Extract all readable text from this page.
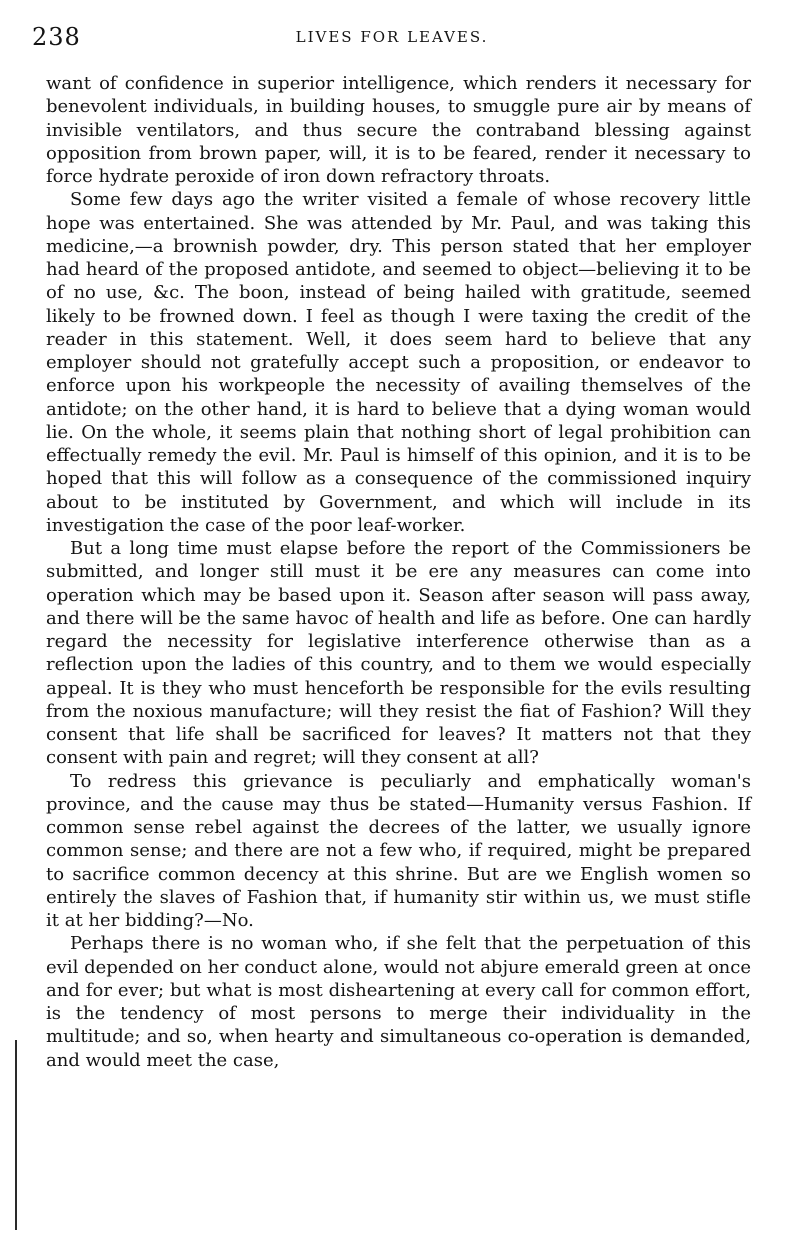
238	LIVES FOR LEAVES.

want of confidence in superior intelligence, which renders it necessary for benevolent individuals, in building houses, to smuggle pure air by means of invisible ventilators, and thus secure the contraband blessing against opposition from brown paper, will, it is to be feared, render it necessary to force hydrate peroxide of iron down refractory throats.

Some few days ago the writer visited a female of whose recovery little hope was entertained. She was attended by Mr. Paul, and was taking this medicine,—a brownish powder, dry. This person stated that her employer had heard of the proposed antidote, and seemed to object—believing it to be of no use, &c. The boon, instead of being hailed with gratitude, seemed likely to be frowned down. I feel as though I were taxing the credit of the reader in this statement. Well, it does seem hard to believe that any employer should not gratefully accept such a proposition, or endeavor to enforce upon his workpeople the necessity of availing themselves of the antidote; on the other hand, it is hard to believe that a dying woman would lie. On the whole, it seems plain that nothing short of legal prohibition can effectually remedy the evil. Mr. Paul is himself of this opinion, and it is to be hoped that this will follow as a consequence of the commissioned inquiry about to be instituted by Government, and which will include in its investigation the case of the poor leaf-worker.

But a long time must elapse before the report of the Commissioners be submitted, and longer still must it be ere any measures can come into operation which may be based upon it. Season after season will pass away, and there will be the same havoc of health and life as before. One can hardly regard the necessity for legislative interference otherwise than as a reflection upon the ladies of this country, and to them we would especially appeal. It is they who must henceforth be responsible for the evils resulting from the noxious manufacture; will they resist the fiat of Fashion? Will they consent that life shall be sacrificed for leaves? It matters not that they consent with pain and regret; will they consent at all?

To redress this grievance is peculiarly and emphatically woman's province, and the cause may thus be stated—Humanity versus Fashion. If common sense rebel against the decrees of the latter, we usually ignore common sense; and there are not a few who, if required, might be prepared to sacrifice common decency at this shrine. But are we English women so entirely the slaves of Fashion that, if humanity stir within us, we must stifle it at her bidding?—No.

Perhaps there is no woman who, if she felt that the perpetuation of this evil depended on her conduct alone, would not abjure emerald green at once and for ever; but what is most disheartening at every call for common effort, is the tendency of most persons to merge their individuality in the multitude; and so, when hearty and simultaneous co-operation is demanded, and would meet the case,
